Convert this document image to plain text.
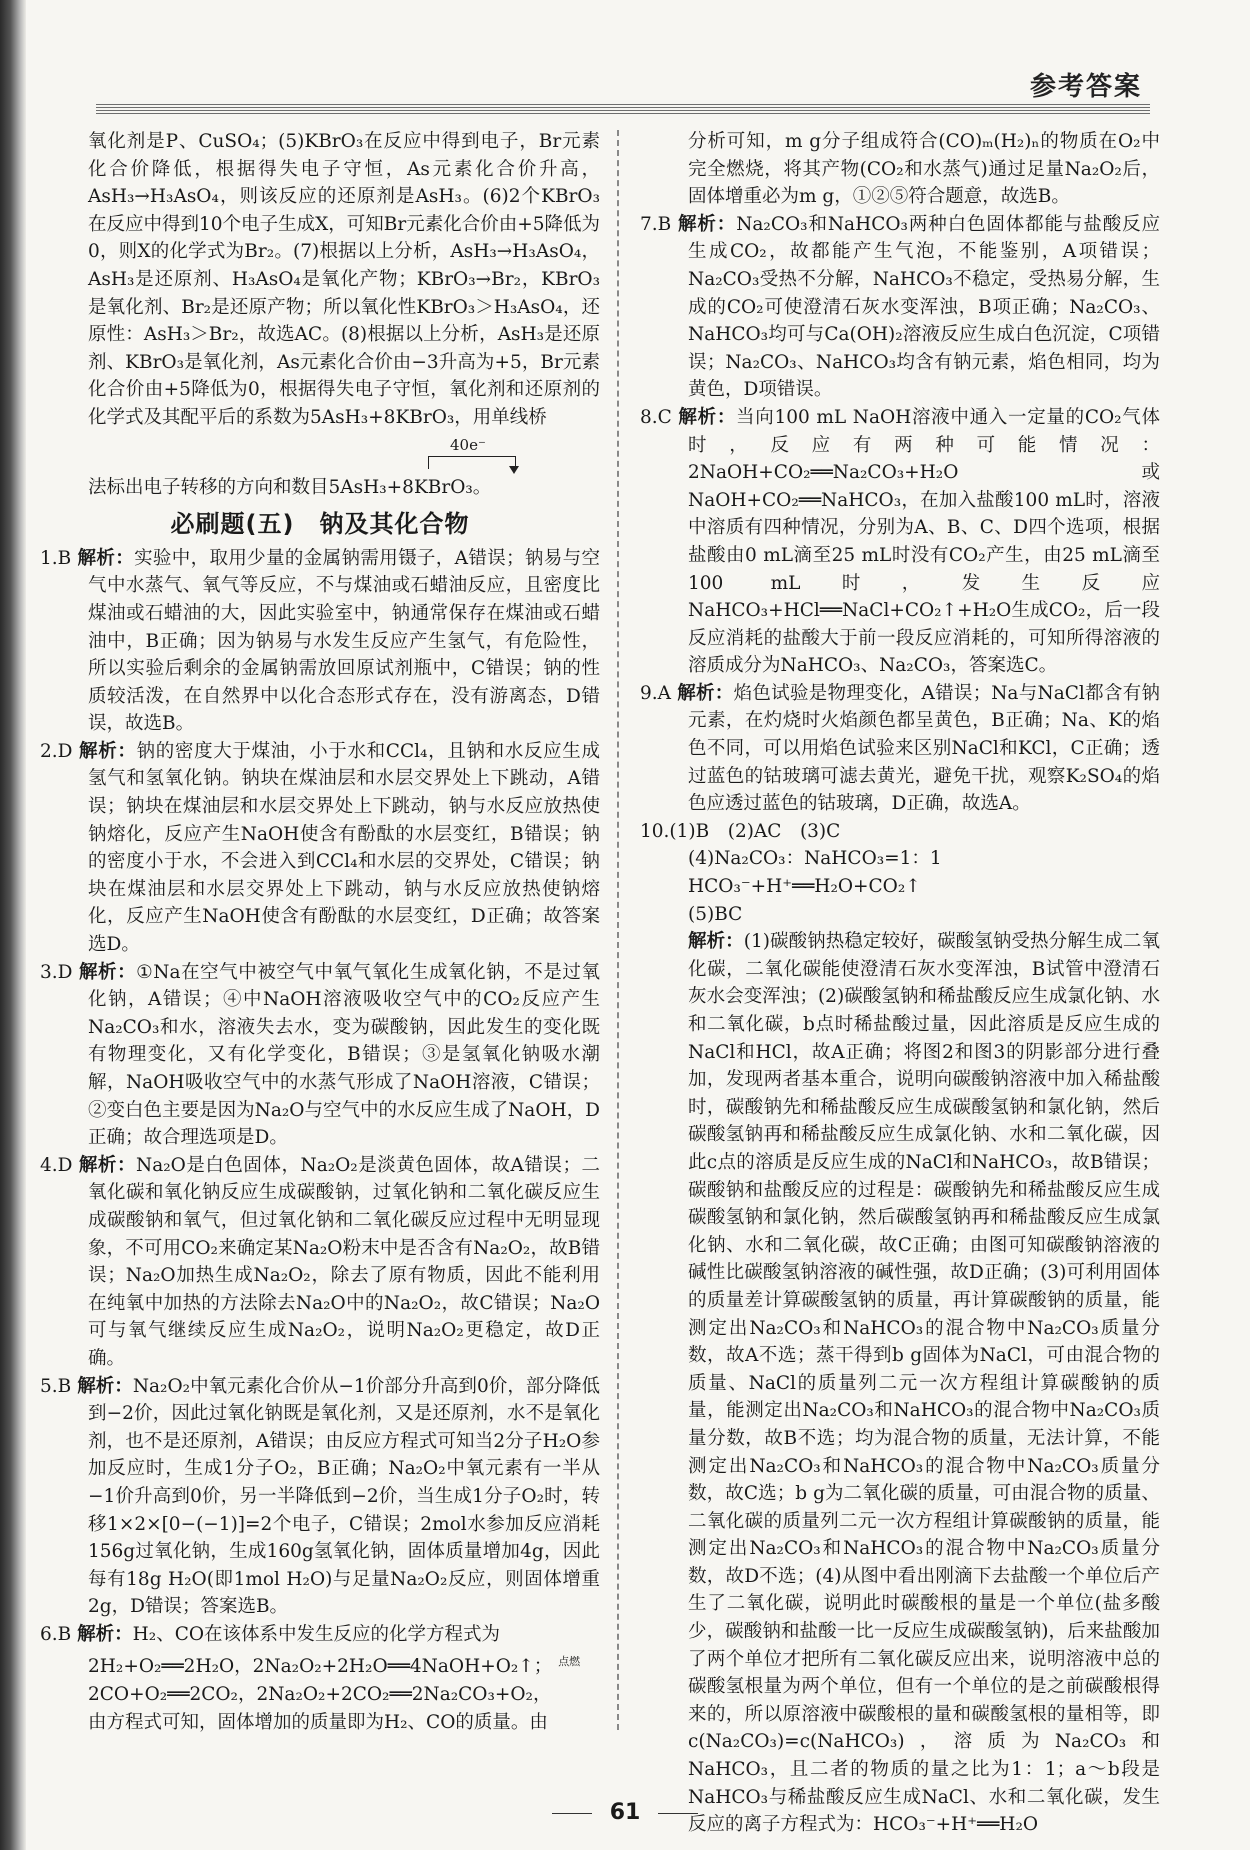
参考答案

氧化剂是P、CuSO₄；(5)KBrO₃在反应中得到电子，Br元素化合价降低，根据得失电子守恒，As元素化合价升高，AsH₃→H₃AsO₄，则该反应的还原剂是AsH₃。(6)2个KBrO₃在反应中得到10个电子生成X，可知Br元素化合价由+5降低为0，则X的化学式为Br₂。(7)根据以上分析，AsH₃→H₃AsO₄，AsH₃是还原剂、H₃AsO₄是氧化产物；KBrO₃→Br₂，KBrO₃是氧化剂、Br₂是还原产物；所以氧化性KBrO₃＞H₃AsO₄，还原性：AsH₃＞Br₂，故选AC。(8)根据以上分析，AsH₃是还原剂、KBrO₃是氧化剂，As元素化合价由−3升高为+5，Br元素化合价由+5降低为0，根据得失电子守恒，氧化剂和还原剂的化学式及其配平后的系数为5AsH₃+8KBrO₃，用单线桥

40e⁻

法标出电子转移的方向和数目5AsH₃+8KBrO₃。

必刷题(五)　钠及其化合物

1.B 解析：实验中，取用少量的金属钠需用镊子，A错误；钠易与空气中水蒸气、氧气等反应，不与煤油或石蜡油反应，且密度比煤油或石蜡油的大，因此实验室中，钠通常保存在煤油或石蜡油中，B正确；因为钠易与水发生反应产生氢气，有危险性，所以实验后剩余的金属钠需放回原试剂瓶中，C错误；钠的性质较活泼，在自然界中以化合态形式存在，没有游离态，D错误，故选B。

2.D 解析：钠的密度大于煤油，小于水和CCl₄，且钠和水反应生成氢气和氢氧化钠。钠块在煤油层和水层交界处上下跳动，A错误；钠块在煤油层和水层交界处上下跳动，钠与水反应放热使钠熔化，反应产生NaOH使含有酚酞的水层变红，B错误；钠的密度小于水，不会进入到CCl₄和水层的交界处，C错误；钠块在煤油层和水层交界处上下跳动，钠与水反应放热使钠熔化，反应产生NaOH使含有酚酞的水层变红，D正确；故答案选D。

3.D 解析：①Na在空气中被空气中氧气氧化生成氧化钠，不是过氧化钠，A错误；④中NaOH溶液吸收空气中的CO₂反应产生Na₂CO₃和水，溶液失去水，变为碳酸钠，因此发生的变化既有物理变化，又有化学变化，B错误；③是氢氧化钠吸水潮解，NaOH吸收空气中的水蒸气形成了NaOH溶液，C错误；②变白色主要是因为Na₂O与空气中的水反应生成了NaOH，D正确；故合理选项是D。

4.D 解析：Na₂O是白色固体，Na₂O₂是淡黄色固体，故A错误；二氧化碳和氧化钠反应生成碳酸钠，过氧化钠和二氧化碳反应生成碳酸钠和氧气，但过氧化钠和二氧化碳反应过程中无明显现象，不可用CO₂来确定某Na₂O粉末中是否含有Na₂O₂，故B错误；Na₂O加热生成Na₂O₂，除去了原有物质，因此不能利用在纯氧中加热的方法除去Na₂O中的Na₂O₂，故C错误；Na₂O可与氧气继续反应生成Na₂O₂，说明Na₂O₂更稳定，故D正确。

5.B 解析：Na₂O₂中氧元素化合价从−1价部分升高到0价，部分降低到−2价，因此过氧化钠既是氧化剂，又是还原剂，水不是氧化剂，也不是还原剂，A错误；由反应方程式可知当2分子H₂O参加反应时，生成1分子O₂，B正确；Na₂O₂中氧元素有一半从−1价升高到0价，另一半降低到−2价，当生成1分子O₂时，转移1×2×[0−(−1)]=2个电子，C错误；2mol水参加反应消耗156g过氧化钠，生成160g氢氧化钠，固体质量增加4g，因此每有18g H₂O(即1mol H₂O)与足量Na₂O₂反应，则固体增重2g，D错误；答案选B。

6.B 解析：H₂、CO在该体系中发生反应的化学方程式为

2H₂+O₂══2H₂O，2Na₂O₂+2H₂O══4NaOH+O₂↑； $^{点燃}$

2CO+O₂══2CO₂，2Na₂O₂+2CO₂══2Na₂CO₃+O₂，

由方程式可知，固体增加的质量即为H₂、CO的质量。由

分析可知，m g分子组成符合(CO)ₘ(H₂)ₙ的物质在O₂中完全燃烧，将其产物(CO₂和水蒸气)通过足量Na₂O₂后，固体增重必为m g，①②⑤符合题意，故选B。

7.B 解析：Na₂CO₃和NaHCO₃两种白色固体都能与盐酸反应生成CO₂，故都能产生气泡，不能鉴别，A项错误；Na₂CO₃受热不分解，NaHCO₃不稳定，受热易分解，生成的CO₂可使澄清石灰水变浑浊，B项正确；Na₂CO₃、NaHCO₃均可与Ca(OH)₂溶液反应生成白色沉淀，C项错误；Na₂CO₃、NaHCO₃均含有钠元素，焰色相同，均为黄色，D项错误。

8.C 解析：当向100 mL NaOH溶液中通入一定量的CO₂气体时，反应有两种可能情况：2NaOH+CO₂══Na₂CO₃+H₂O或NaOH+CO₂══NaHCO₃，在加入盐酸100 mL时，溶液中溶质有四种情况，分别为A、B、C、D四个选项，根据盐酸由0 mL滴至25 mL时没有CO₂产生，由25 mL滴至100 mL时，发生反应NaHCO₃+HCl══NaCl+CO₂↑+H₂O生成CO₂，后一段反应消耗的盐酸大于前一段反应消耗的，可知所得溶液的溶质成分为NaHCO₃、Na₂CO₃，答案选C。

9.A 解析：焰色试验是物理变化，A错误；Na与NaCl都含有钠元素，在灼烧时火焰颜色都呈黄色，B正确；Na、K的焰色不同，可以用焰色试验来区别NaCl和KCl，C正确；透过蓝色的钴玻璃可滤去黄光，避免干扰，观察K₂SO₄的焰色应透过蓝色的钴玻璃，D正确，故选A。

10.(1)B　(2)AC　(3)C

(4)Na₂CO₃：NaHCO₃=1：1

HCO₃⁻+H⁺══H₂O+CO₂↑

(5)BC

解析：(1)碳酸钠热稳定较好，碳酸氢钠受热分解生成二氧化碳，二氧化碳能使澄清石灰水变浑浊，B试管中澄清石灰水会变浑浊；(2)碳酸氢钠和稀盐酸反应生成氯化钠、水和二氧化碳，b点时稀盐酸过量，因此溶质是反应生成的NaCl和HCl，故A正确；将图2和图3的阴影部分进行叠加，发现两者基本重合，说明向碳酸钠溶液中加入稀盐酸时，碳酸钠先和稀盐酸反应生成碳酸氢钠和氯化钠，然后碳酸氢钠再和稀盐酸反应生成氯化钠、水和二氧化碳，因此c点的溶质是反应生成的NaCl和NaHCO₃，故B错误；碳酸钠和盐酸反应的过程是：碳酸钠先和稀盐酸反应生成碳酸氢钠和氯化钠，然后碳酸氢钠再和稀盐酸反应生成氯化钠、水和二氧化碳，故C正确；由图可知碳酸钠溶液的碱性比碳酸氢钠溶液的碱性强，故D正确；(3)可利用固体的质量差计算碳酸氢钠的质量，再计算碳酸钠的质量，能测定出Na₂CO₃和NaHCO₃的混合物中Na₂CO₃质量分数，故A不选；蒸干得到b g固体为NaCl，可由混合物的质量、NaCl的质量列二元一次方程组计算碳酸钠的质量，能测定出Na₂CO₃和NaHCO₃的混合物中Na₂CO₃质量分数，故B不选；均为混合物的质量，无法计算，不能测定出Na₂CO₃和NaHCO₃的混合物中Na₂CO₃质量分数，故C选；b g为二氧化碳的质量，可由混合物的质量、二氧化碳的质量列二元一次方程组计算碳酸钠的质量，能测定出Na₂CO₃和NaHCO₃的混合物中Na₂CO₃质量分数，故D不选；(4)从图中看出刚滴下去盐酸一个单位后产生了二氧化碳，说明此时碳酸根的量是一个单位(盐多酸少，碳酸钠和盐酸一比一反应生成碳酸氢钠)，后来盐酸加了两个单位才把所有二氧化碳反应出来，说明溶液中总的碳酸氢根量为两个单位，但有一个单位的是之前碳酸根得来的，所以原溶液中碳酸根的量和碳酸氢根的量相等，即c(Na₂CO₃)=c(NaHCO₃)，溶质为Na₂CO₃和NaHCO₃，且二者的物质的量之比为1：1；a～b段是NaHCO₃与稀盐酸反应生成NaCl、水和二氧化碳，发生反应的离子方程式为：HCO₃⁻+H⁺══H₂O

61
